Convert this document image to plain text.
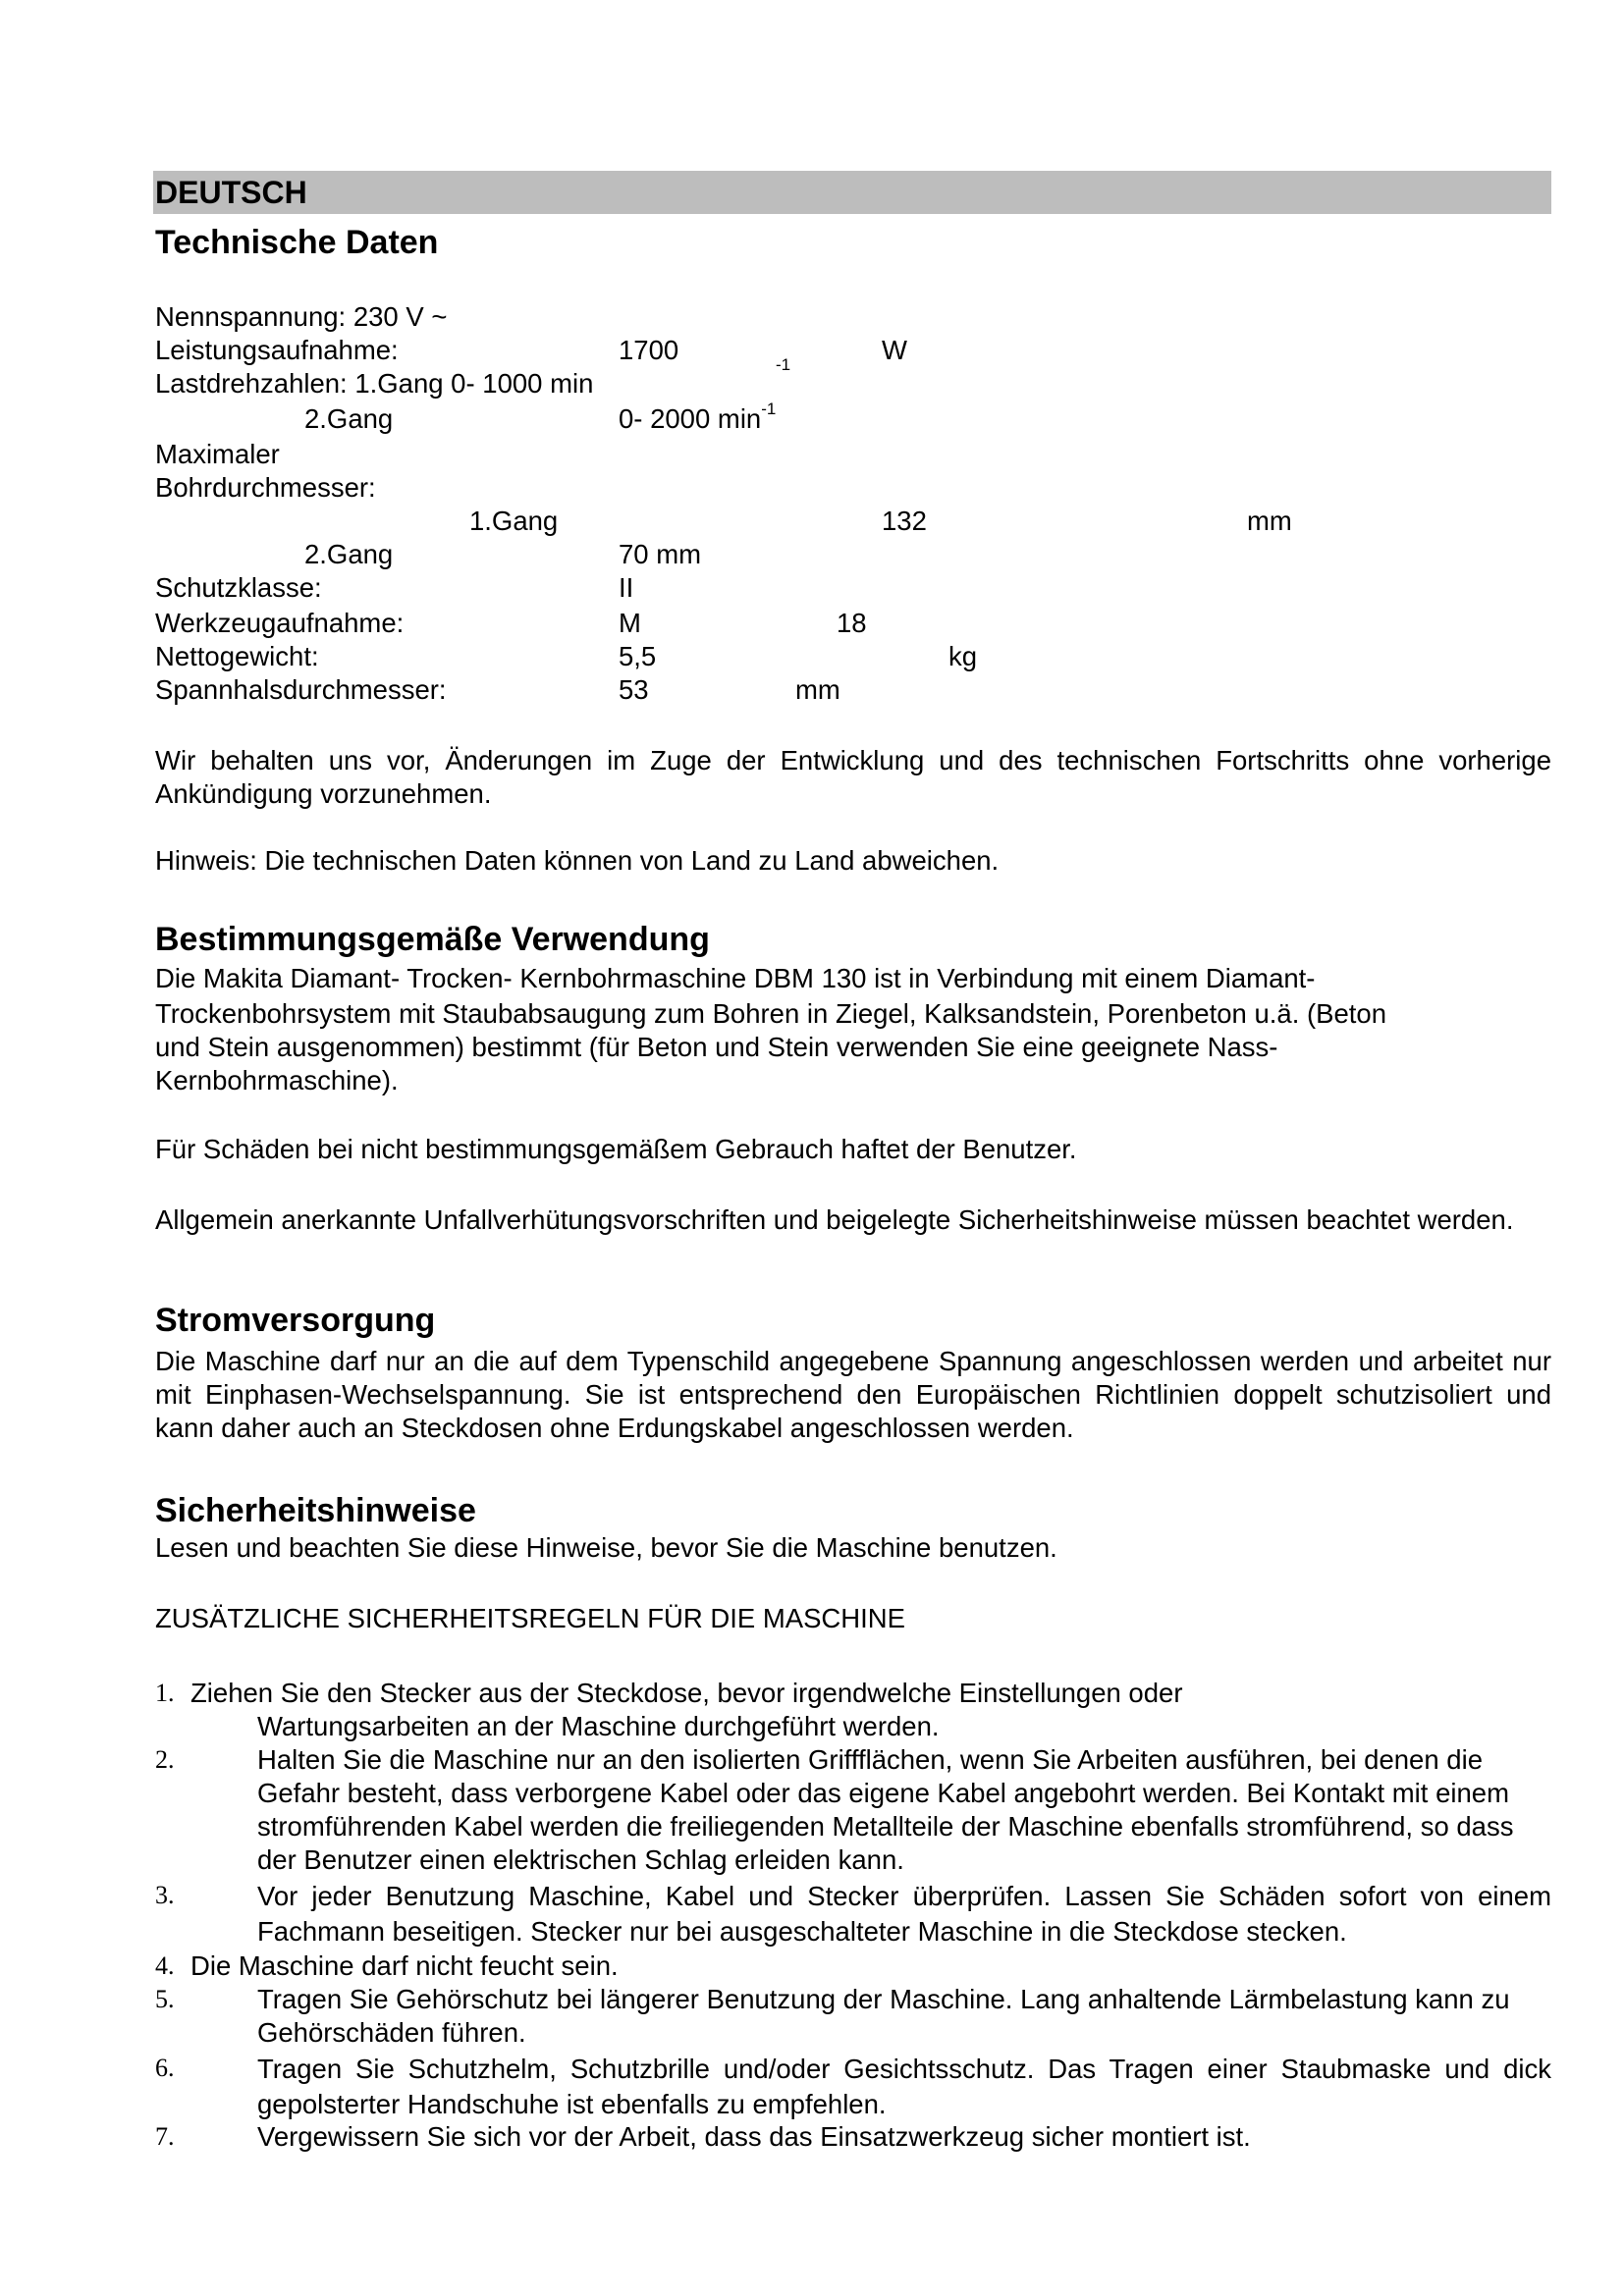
DEUTSCH
Technische Daten
Nennspannung: 230 V ~
Leistungsaufnahme:	1700	W
Lastdrehzahlen: 1.Gang 0- 1000 min
-1
2.Gang	0- 2000 $\min^{-1}$
Maximaler
Bohrdurchmesser:
1.Gang	132	mm
2.Gang	70 mm
Schutzklasse:	II
Werkzeugaufnahme:	M	18
Nettogewicht:	5,5	kg
Spannhalsdurchmesser:	53	mm
Wir behalten uns vor, Änderungen im Zuge der Entwicklung und des technischen Fortschritts ohne vorherige Ankündigung vorzunehmen.
Hinweis: Die technischen Daten können von Land zu Land abweichen.
Bestimmungsgemäße Verwendung
Die Makita Diamant- Trocken- Kernbohrmaschine DBM 130 ist in Verbindung mit einem Diamant-
Trockenbohrsystem mit Staubabsaugung zum Bohren in Ziegel, Kalksandstein, Porenbeton u.ä. (Beton
und Stein ausgenommen) bestimmt (für Beton und Stein verwenden Sie eine geeignete Nass-
Kernbohrmaschine).
Für Schäden bei nicht bestimmungsgemäßem Gebrauch haftet der Benutzer.
Allgemein anerkannte Unfallverhütungsvorschriften und beigelegte Sicherheitshinweise müssen beachtet werden.
Stromversorgung
Die Maschine darf nur an die auf dem Typenschild angegebene Spannung angeschlossen werden und arbeitet nur mit Einphasen-Wechselspannung. Sie ist entsprechend den Europäischen Richtlinien doppelt schutzisoliert und kann daher auch an Steckdosen ohne Erdungskabel angeschlossen werden.
Sicherheitshinweise
Lesen und beachten Sie diese Hinweise, bevor Sie die Maschine benutzen.
ZUSÄTZLICHE SICHERHEITSREGELN FÜR DIE MASCHINE
1. Ziehen Sie den Stecker aus der Steckdose, bevor irgendwelche Einstellungen oder
Wartungsarbeiten an der Maschine durchgeführt werden.
2.	Halten Sie die Maschine nur an den isolierten Griffflächen, wenn Sie Arbeiten ausführen, bei denen die Gefahr besteht, dass verborgene Kabel oder das eigene Kabel angebohrt werden. Bei Kontakt mit einem stromführenden Kabel werden die freiliegenden Metallteile der Maschine ebenfalls stromführend, so dass der Benutzer einen elektrischen Schlag erleiden kann.
3.	Vor jeder Benutzung Maschine, Kabel und Stecker überprüfen. Lassen Sie Schäden sofort von einem Fachmann beseitigen. Stecker nur bei ausgeschalteter Maschine in die Steckdose stecken.
4. Die Maschine darf nicht feucht sein.
5.	Tragen Sie Gehörschutz bei längerer Benutzung der Maschine. Lang anhaltende Lärmbelastung kann zu Gehörschäden führen.
6.	Tragen Sie Schutzhelm, Schutzbrille und/oder Gesichtsschutz. Das Tragen einer Staubmaske und dick gepolsterter Handschuhe ist ebenfalls zu empfehlen.
7.	Vergewissern Sie sich vor der Arbeit, dass das Einsatzwerkzeug sicher montiert ist.
